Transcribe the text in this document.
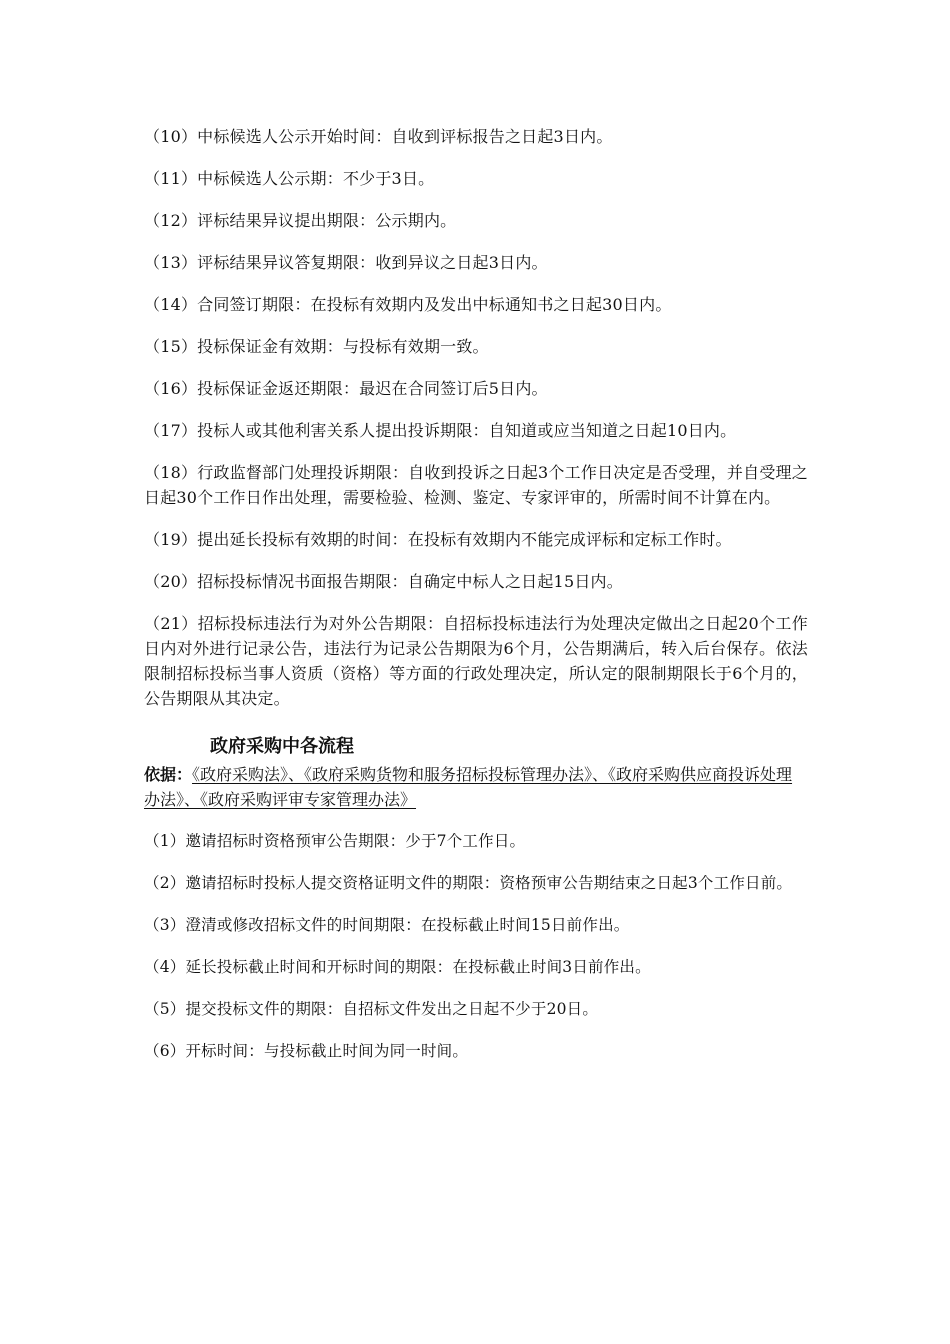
（10）中标候选人公示开始时间：自收到评标报告之日起3日内。

（11）中标候选人公示期：不少于3日。

（12）评标结果异议提出期限：公示期内。

（13）评标结果异议答复期限：收到异议之日起3日内。

（14）合同签订期限：在投标有效期内及发出中标通知书之日起30日内。

（15）投标保证金有效期：与投标有效期一致。

（16）投标保证金返还期限：最迟在合同签订后5日内。

（17）投标人或其他利害关系人提出投诉期限：自知道或应当知道之日起10日内。

（18）行政监督部门处理投诉期限：自收到投诉之日起3个工作日决定是否受理，并自受理之日起30个工作日作出处理，需要检验、检测、鉴定、专家评审的，所需时间不计算在内。

（19）提出延长投标有效期的时间：在投标有效期内不能完成评标和定标工作时。

（20）招标投标情况书面报告期限：自确定中标人之日起15日内。

（21）招标投标违法行为对外公告期限：自招标投标违法行为处理决定做出之日起20个工作日内对外进行记录公告，违法行为记录公告期限为6个月，公告期满后，转入后台保存。依法限制招标投标当事人资质（资格）等方面的行政处理决定，所认定的限制期限长于6个月的，公告期限从其决定。

政府采购中各流程

依据：《政府采购法》、《政府采购货物和服务招标投标管理办法》、《政府采购供应商投诉处理办法》、《政府采购评审专家管理办法》

（1）邀请招标时资格预审公告期限：少于7个工作日。

（2）邀请招标时投标人提交资格证明文件的期限：资格预审公告期结束之日起3个工作日前。

（3）澄清或修改招标文件的时间期限：在投标截止时间15日前作出。

（4）延长投标截止时间和开标时间的期限：在投标截止时间3日前作出。

（5）提交投标文件的期限：自招标文件发出之日起不少于20日。

（6）开标时间：与投标截止时间为同一时间。
